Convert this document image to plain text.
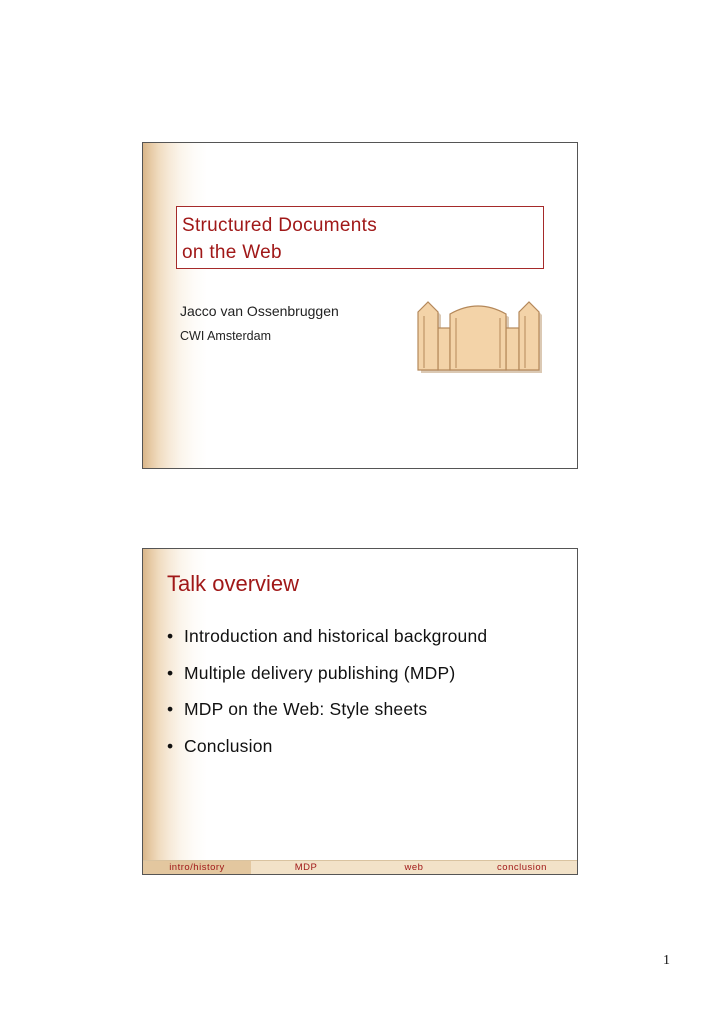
Structured Documents
on the Web
Jacco van Ossenbruggen
CWI Amsterdam
Talk overview
• Introduction and historical background
• Multiple delivery publishing (MDP)
• MDP on the Web: Style sheets
• Conclusion
intro/history	MDP	web	conclusion
1
